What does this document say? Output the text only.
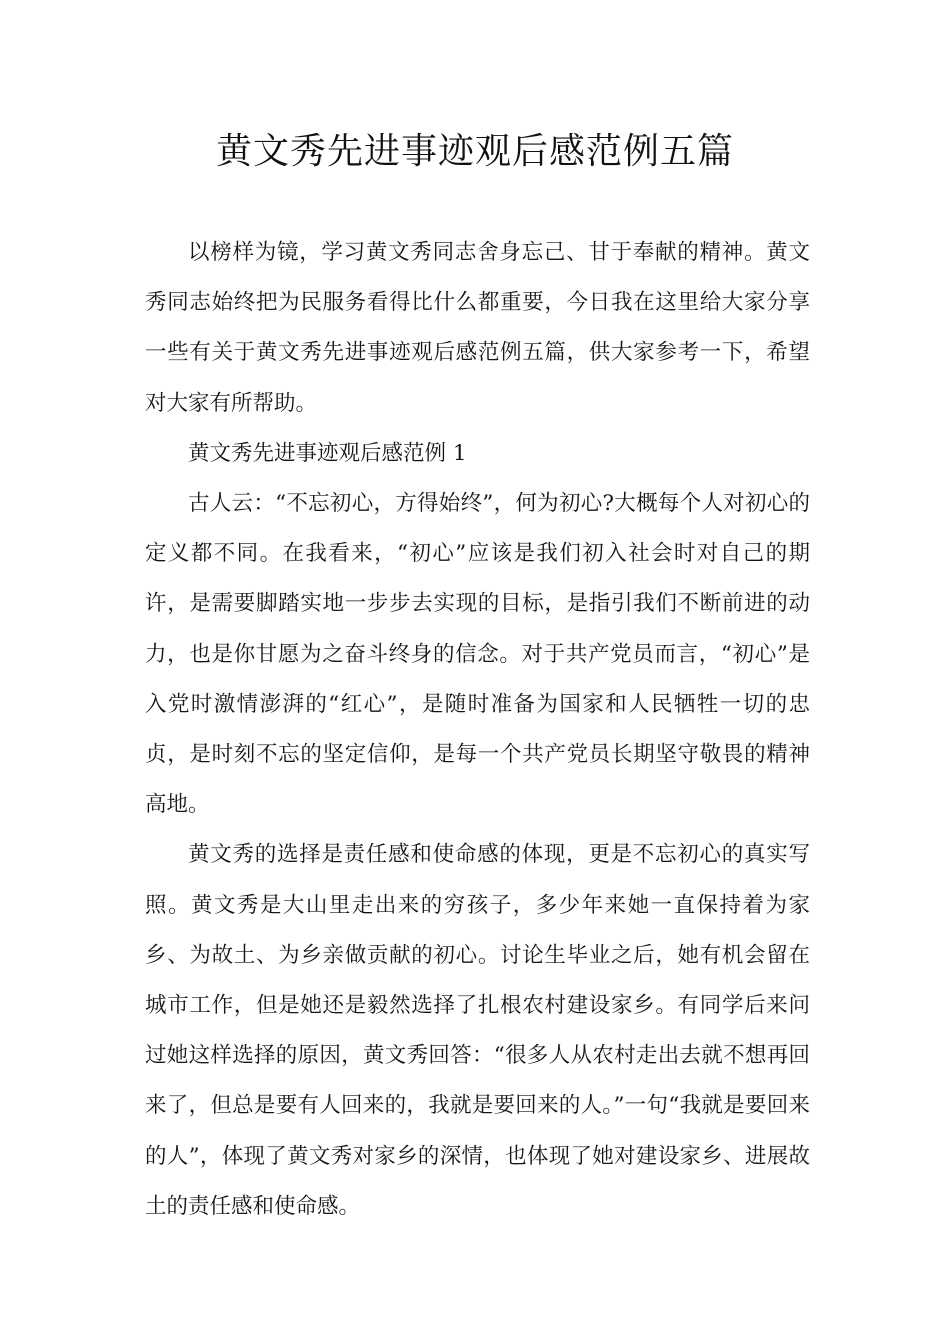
黄文秀先进事迹观后感范例五篇

以榜样为镜，学习黄文秀同志舍身忘己、甘于奉献的精神。黄文秀同志始终把为民服务看得比什么都重要，今日我在这里给大家分享一些有关于黄文秀先进事迹观后感范例五篇，供大家参考一下，希望对大家有所帮助。

黄文秀先进事迹观后感范例 1

古人云：“不忘初心，方得始终”，何为初心?大概每个人对初心的定义都不同。在我看来，“初心”应该是我们初入社会时对自己的期许，是需要脚踏实地一步步去实现的目标，是指引我们不断前进的动力，也是你甘愿为之奋斗终身的信念。对于共产党员而言，“初心”是入党时激情澎湃的“红心”，是随时准备为国家和人民牺牲一切的忠贞，是时刻不忘的坚定信仰，是每一个共产党员长期坚守敬畏的精神高地。

黄文秀的选择是责任感和使命感的体现，更是不忘初心的真实写照。黄文秀是大山里走出来的穷孩子，多少年来她一直保持着为家乡、为故土、为乡亲做贡献的初心。讨论生毕业之后，她有机会留在城市工作，但是她还是毅然选择了扎根农村建设家乡。有同学后来问过她这样选择的原因，黄文秀回答：“很多人从农村走出去就不想再回来了，但总是要有人回来的，我就是要回来的人。”一句“我就是要回来的人”，体现了黄文秀对家乡的深情，也体现了她对建设家乡、进展故土的责任感和使命感。
